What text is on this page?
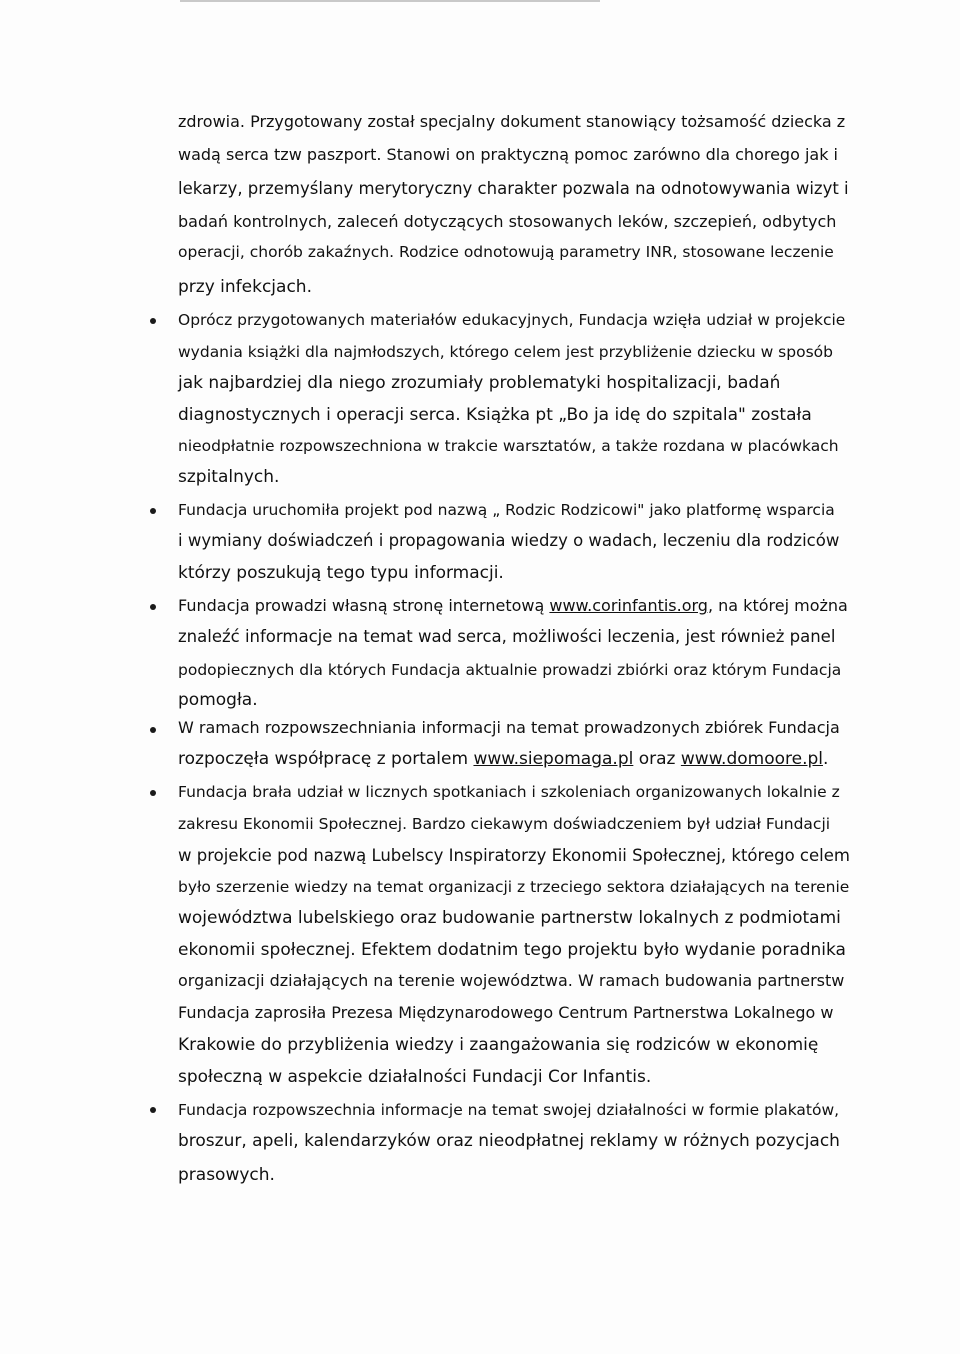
zdrowia. Przygotowany został specjalny dokument stanowiący tożsamość dziecka z
wadą serca tzw paszport. Stanowi on praktyczną pomoc zarówno dla chorego jak i
lekarzy, przemyślany merytoryczny charakter pozwala na odnotowywania wizyt i
badań kontrolnych, zaleceń dotyczących stosowanych leków, szczepień, odbytych
operacji, chorób zakaźnych. Rodzice odnotowują parametry INR, stosowane leczenie
przy infekcjach.
Oprócz przygotowanych materiałów edukacyjnych, Fundacja wzięła udział w projekcie
wydania książki dla najmłodszych, którego celem jest przybliżenie dziecku w sposób
jak najbardziej dla niego zrozumiały problematyki hospitalizacji, badań
diagnostycznych i operacji serca. Książka pt „Bo ja idę do szpitala" została
nieodpłatnie rozpowszechniona w trakcie warsztatów, a także rozdana w placówkach
szpitalnych.
Fundacja uruchomiła projekt pod nazwą „ Rodzic Rodzicowi" jako platformę wsparcia
i wymiany doświadczeń i propagowania wiedzy o wadach, leczeniu dla rodziców
którzy poszukują tego typu informacji.
Fundacja prowadzi własną stronę internetową www.corinfantis.org, na której można
znaleźć informacje na temat wad serca, możliwości leczenia, jest również panel
podopiecznych dla których Fundacja aktualnie prowadzi zbiórki oraz którym Fundacja
pomogła.
W ramach rozpowszechniania informacji na temat prowadzonych zbiórek Fundacja
rozpoczęła współpracę z portalem www.siepomaga.pl oraz www.domoore.pl.
Fundacja brała udział w licznych spotkaniach i szkoleniach organizowanych lokalnie z
zakresu Ekonomii Społecznej. Bardzo ciekawym doświadczeniem był udział Fundacji
w projekcie pod nazwą Lubelscy Inspiratorzy Ekonomii Społecznej, którego celem
było szerzenie wiedzy na temat organizacji z trzeciego sektora działających na terenie
województwa lubelskiego oraz budowanie partnerstw lokalnych z podmiotami
ekonomii społecznej. Efektem dodatnim tego projektu było wydanie poradnika
organizacji działających na terenie województwa. W ramach budowania partnerstw
Fundacja zaprosiła Prezesa Międzynarodowego Centrum Partnerstwa Lokalnego w
Krakowie do przybliżenia wiedzy i zaangażowania się rodziców w ekonomię
społeczną w aspekcie działalności Fundacji Cor Infantis.
Fundacja rozpowszechnia informacje na temat swojej działalności w formie plakatów,
broszur, apeli, kalendarzyków oraz nieodpłatnej reklamy w różnych pozycjach
prasowych.
